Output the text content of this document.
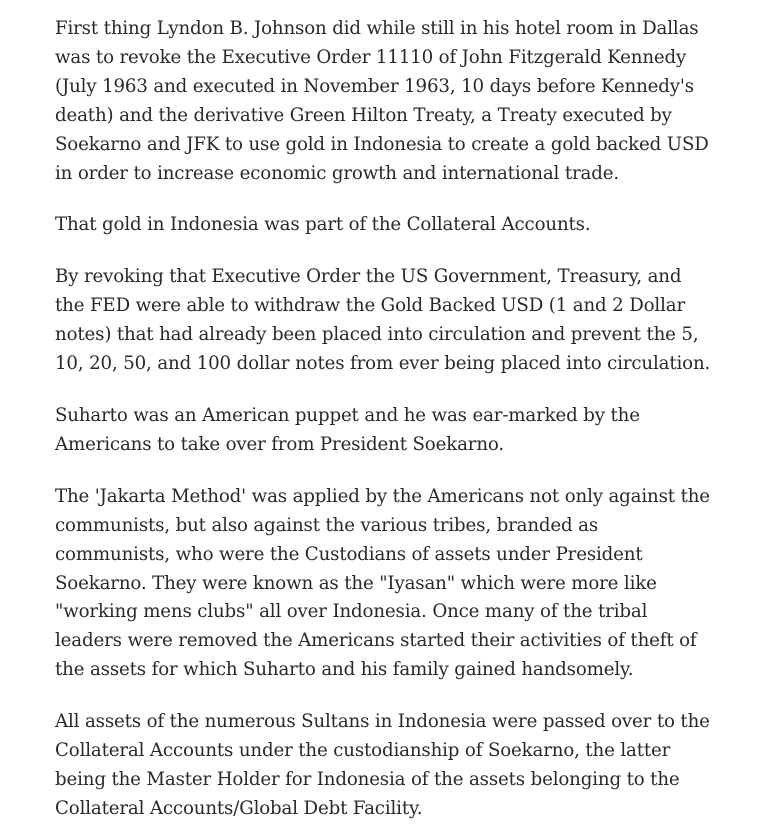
First thing Lyndon B. Johnson did while still in his hotel room in Dallas was to revoke the Executive Order 11110 of John Fitzgerald Kennedy (July 1963 and executed in November 1963, 10 days before Kennedy's death) and the derivative Green Hilton Treaty, a Treaty executed by Soekarno and JFK to use gold in Indonesia to create a gold backed USD in order to increase economic growth and international trade.

That gold in Indonesia was part of the Collateral Accounts.

By revoking that Executive Order the US Government, Treasury, and the FED were able to withdraw the Gold Backed USD (1 and 2 Dollar notes) that had already been placed into circulation and prevent the 5, 10, 20, 50, and 100 dollar notes from ever being placed into circulation.

Suharto was an American puppet and he was ear-marked by the Americans to take over from President Soekarno.

The 'Jakarta Method' was applied by the Americans not only against the communists, but also against the various tribes, branded as communists, who were the Custodians of assets under President Soekarno. They were known as the "Iyasan" which were more like "working mens clubs" all over Indonesia. Once many of the tribal leaders were removed the Americans started their activities of theft of the assets for which Suharto and his family gained handsomely.

All assets of the numerous Sultans in Indonesia were passed over to the Collateral Accounts under the custodianship of Soekarno, the latter being the Master Holder for Indonesia of the assets belonging to the Collateral Accounts/Global Debt Facility.
